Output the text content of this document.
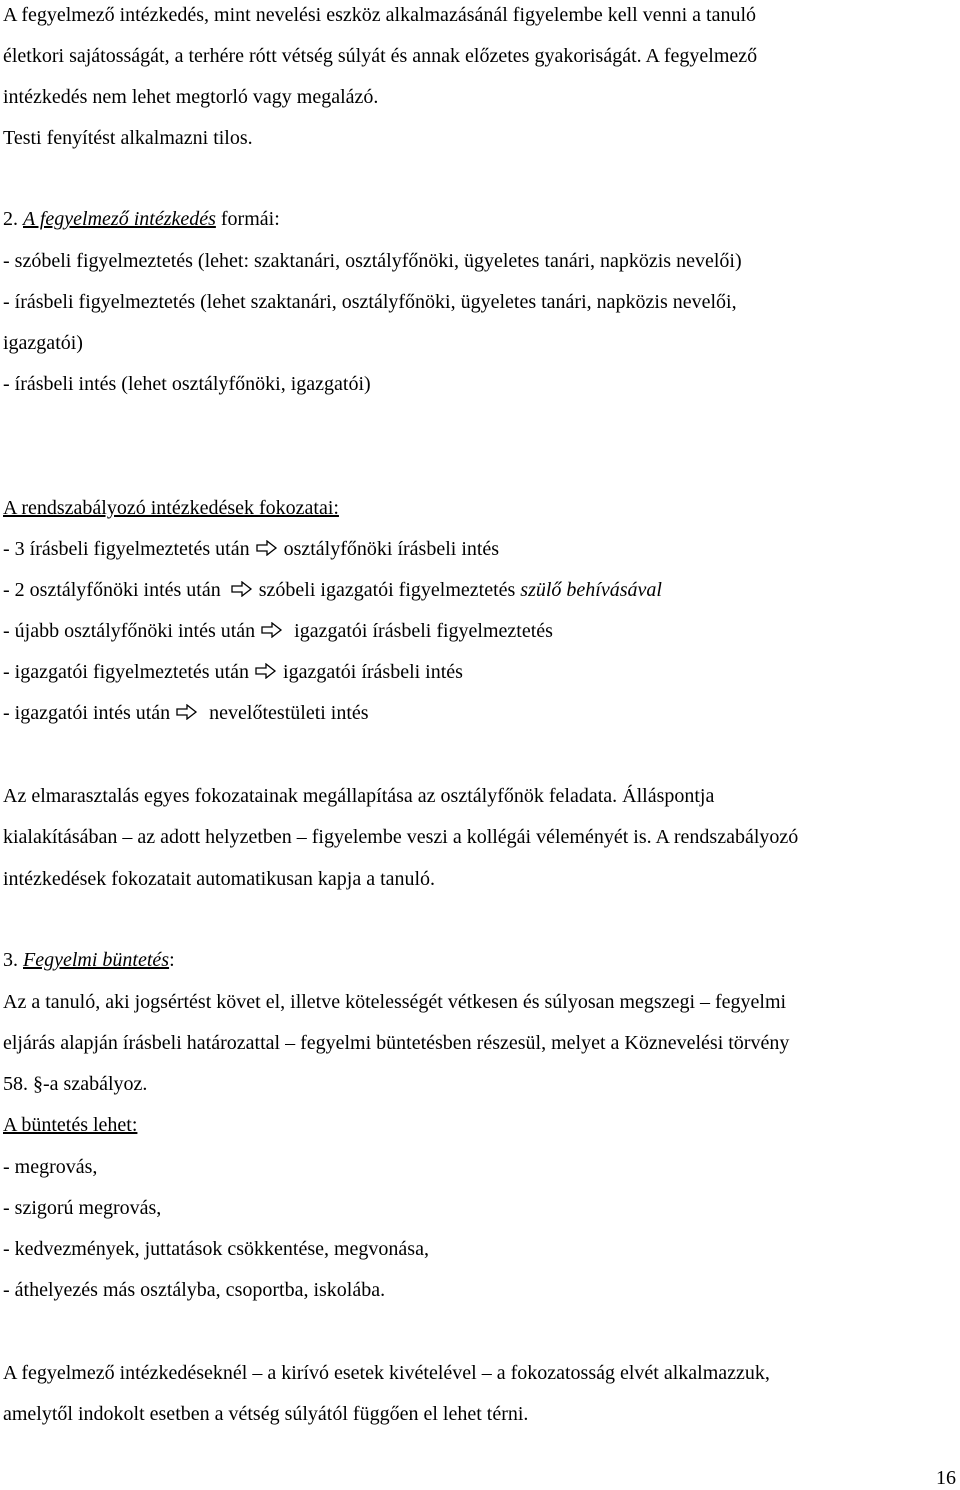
A fegyelmező intézkedés, mint nevelési eszköz alkalmazásánál figyelembe kell venni a tanuló
életkori sajátosságát, a terhére rótt vétség súlyát és annak előzetes gyakoriságát. A fegyelmező
intézkedés nem lehet megtorló vagy megalázó.
Testi fenyítést alkalmazni tilos.
2. A fegyelmező intézkedés formái:
- szóbeli figyelmeztetés (lehet: szaktanári, osztályfőnöki, ügyeletes tanári, napközis nevelői)
- írásbeli figyelmeztetés (lehet szaktanári, osztályfőnöki, ügyeletes tanári, napközis nevelői,
igazgatói)
- írásbeli intés (lehet osztályfőnöki, igazgatói)
A rendszabályozó intézkedések fokozatai:
- 3 írásbeli figyelmeztetés után osztályfőnöki írásbeli intés
- 2 osztályfőnöki intés után szóbeli igazgatói figyelmeztetés szülő behívásával
- újabb osztályfőnöki intés után igazgatói írásbeli figyelmeztetés
- igazgatói figyelmeztetés után igazgatói írásbeli intés
- igazgatói intés után nevelőtestületi intés
Az elmarasztalás egyes fokozatainak megállapítása az osztályfőnök feladata. Álláspontja
kialakításában – az adott helyzetben – figyelembe veszi a kollégái véleményét is. A rendszabályozó
intézkedések fokozatait automatikusan kapja a tanuló.
3. Fegyelmi büntetés:
Az a tanuló, aki jogsértést követ el, illetve kötelességét vétkesen és súlyosan megszegi – fegyelmi
eljárás alapján írásbeli határozattal – fegyelmi büntetésben részesül, melyet a Köznevelési törvény
58. §-a szabályoz.
A büntetés lehet:
- megrovás,
- szigorú megrovás,
- kedvezmények, juttatások csökkentése, megvonása,
- áthelyezés más osztályba, csoportba, iskolába.
A fegyelmező intézkedéseknél – a kirívó esetek kivételével – a fokozatosság elvét alkalmazzuk,
amelytől indokolt esetben a vétség súlyától függően el lehet térni.
16
